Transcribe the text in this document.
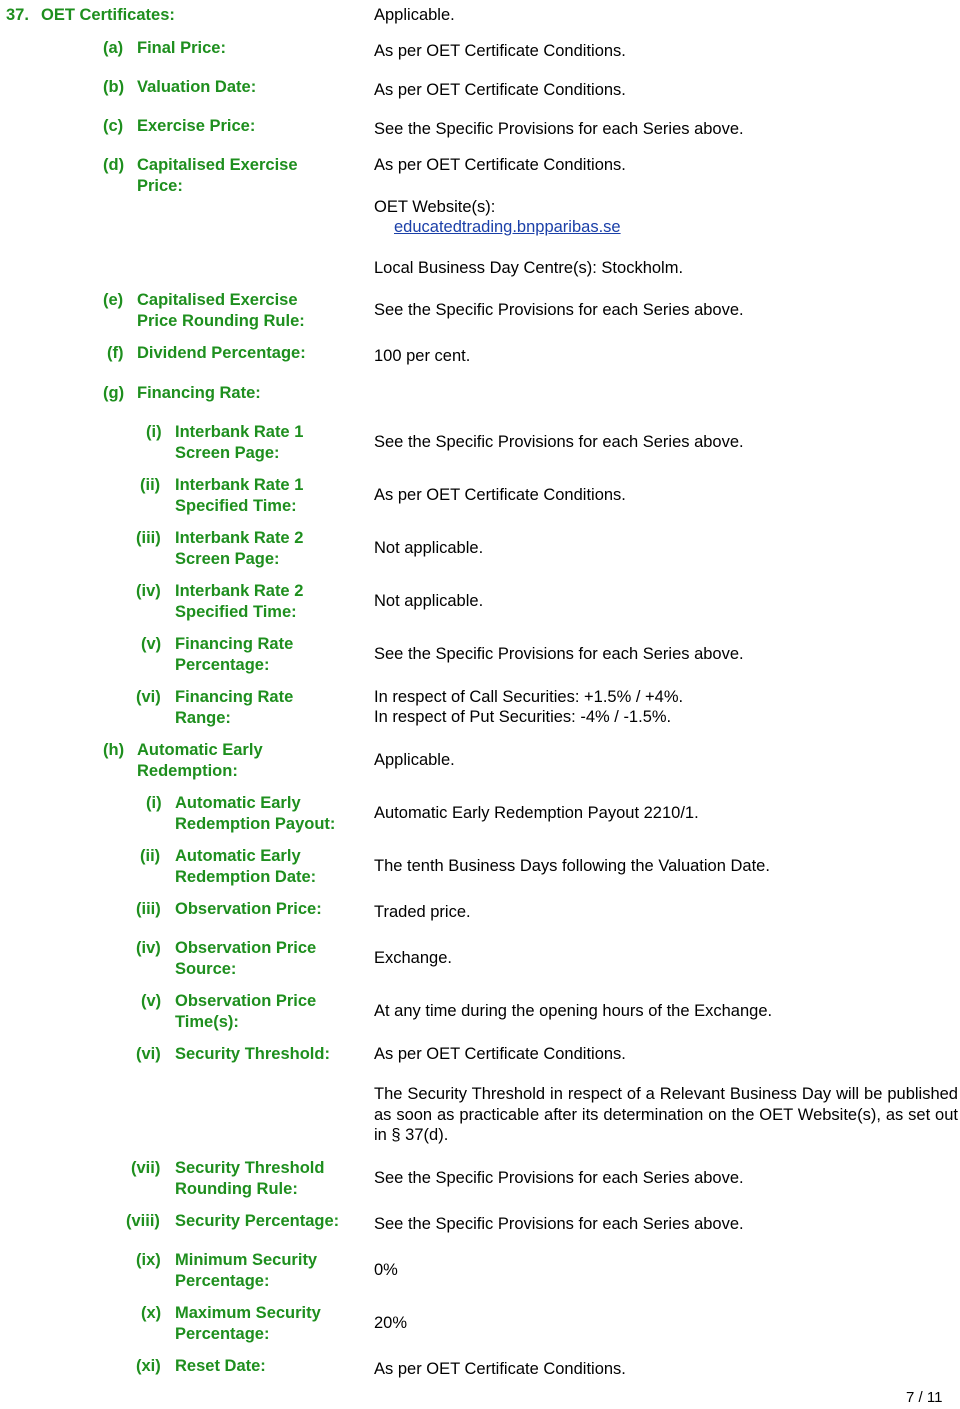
37. OET Certificates:	Applicable.
(a) Final Price:	As per OET Certificate Conditions.
(b) Valuation Date:	As per OET Certificate Conditions.
(c) Exercise Price:	See the Specific Provisions for each Series above.
(d) Capitalised Exercise
Price:
As per OET Certificate Conditions.
OET Website(s):
educatedtrading.bnpparibas.se
Local Business Day Centre(s): Stockholm.
(e) Capitalised Exercise
Price Rounding Rule:
See the Specific Provisions for each Series above.
(f) Dividend Percentage:	100 per cent.
(g) Financing Rate:
(i) Interbank Rate 1
Screen Page:
See the Specific Provisions for each Series above.
(ii) Interbank Rate 1
Specified Time:
As per OET Certificate Conditions.
(iii) Interbank Rate 2
Screen Page:
Not applicable.
(iv) Interbank Rate 2
Specified Time:
Not applicable.
(v) Financing Rate
Percentage:
See the Specific Provisions for each Series above.
(vi) Financing Rate
Range:
In respect of Call Securities: +1.5% / +4%.
In respect of Put Securities: -4% / -1.5%.
(h) Automatic Early
Redemption:
Applicable.
(i) Automatic Early
Redemption Payout:
Automatic Early Redemption Payout 2210/1.
(ii) Automatic Early
Redemption Date:
The tenth Business Days following the Valuation Date.
(iii) Observation Price:	Traded price.
(iv) Observation Price
Source:
Exchange.
(v) Observation Price
Time(s):
At any time during the opening hours of the Exchange.
(vi) Security Threshold:	As per OET Certificate Conditions.
The Security Threshold in respect of a Relevant Business Day will be published as soon as practicable after its determination on the OET Website(s), as set out in § 37(d).
(vii) Security Threshold
Rounding Rule:
See the Specific Provisions for each Series above.
(viii) Security Percentage: See the Specific Provisions for each Series above.
(ix) Minimum Security
Percentage:
0%
(x) Maximum Security
Percentage:
20%
(xi) Reset Date:	As per OET Certificate Conditions.
7 / 11
